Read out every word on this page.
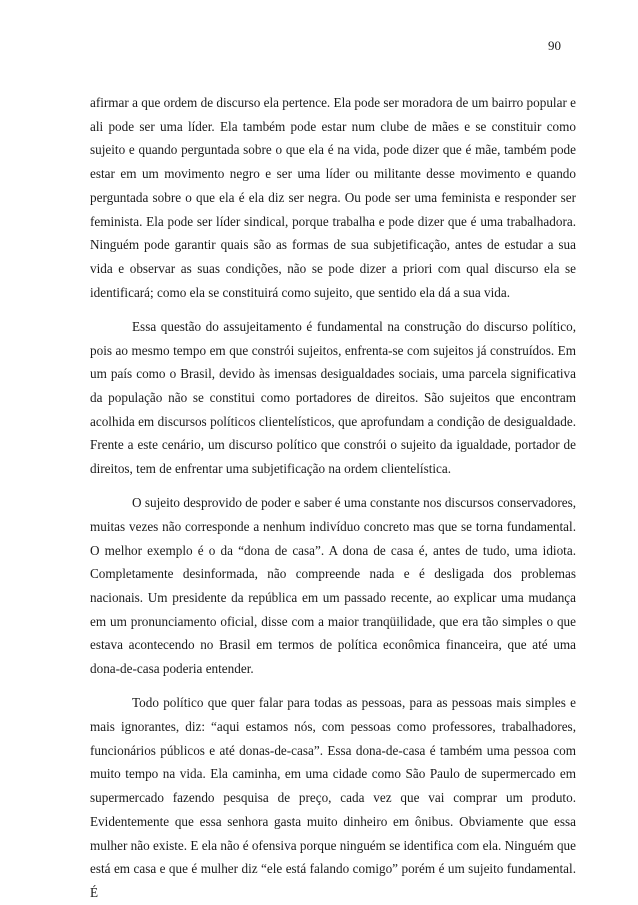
90

afirmar a que ordem de discurso ela pertence. Ela pode ser moradora de um bairro popular e ali pode ser uma líder. Ela também pode estar num clube de mães e se constituir como sujeito e quando perguntada sobre o que ela é na vida, pode dizer que é mãe, também pode estar em um movimento negro e ser uma líder ou militante desse movimento e quando perguntada sobre o que ela é ela diz ser negra. Ou pode ser uma feminista e responder ser feminista. Ela pode ser líder sindical, porque trabalha e pode dizer que é uma trabalhadora. Ninguém pode garantir quais são as formas de sua subjetificação, antes de estudar a sua vida e observar as suas condições, não se pode dizer a priori com qual discurso ela se identificará; como ela se constituirá como sujeito, que sentido ela dá a sua vida.

Essa questão do assujeitamento é fundamental na construção do discurso político, pois ao mesmo tempo em que constrói sujeitos, enfrenta-se com sujeitos já construídos. Em um país como o Brasil, devido às imensas desigualdades sociais, uma parcela significativa da população não se constitui como portadores de direitos. São sujeitos que encontram acolhida em discursos políticos clientelísticos, que aprofundam a condição de desigualdade. Frente a este cenário, um discurso político que constrói o sujeito da igualdade, portador de direitos, tem de enfrentar uma subjetificação na ordem clientelística.

O sujeito desprovido de poder e saber é uma constante nos discursos conservadores, muitas vezes não corresponde a nenhum indivíduo concreto mas que se torna fundamental. O melhor exemplo é o da “dona de casa”. A dona de casa é, antes de tudo, uma idiota. Completamente desinformada, não compreende nada e é desligada dos problemas nacionais. Um presidente da república em um passado recente, ao explicar uma mudança em um pronunciamento oficial, disse com a maior tranqüilidade, que era tão simples o que estava acontecendo no Brasil em termos de política econômica financeira, que até uma dona-de-casa poderia entender.

Todo político que quer falar para todas as pessoas, para as pessoas mais simples e mais ignorantes, diz: “aqui estamos nós, com pessoas como professores, trabalhadores, funcionários públicos e até donas-de-casa”. Essa dona-de-casa é também uma pessoa com muito tempo na vida. Ela caminha, em uma cidade como São Paulo de supermercado em supermercado fazendo pesquisa de preço, cada vez que vai comprar um produto. Evidentemente que essa senhora gasta muito dinheiro em ônibus. Obviamente que essa mulher não existe. E ela não é ofensiva porque ninguém se identifica com ela. Ninguém que está em casa e que é mulher diz “ele está falando comigo” porém é um sujeito fundamental. É
